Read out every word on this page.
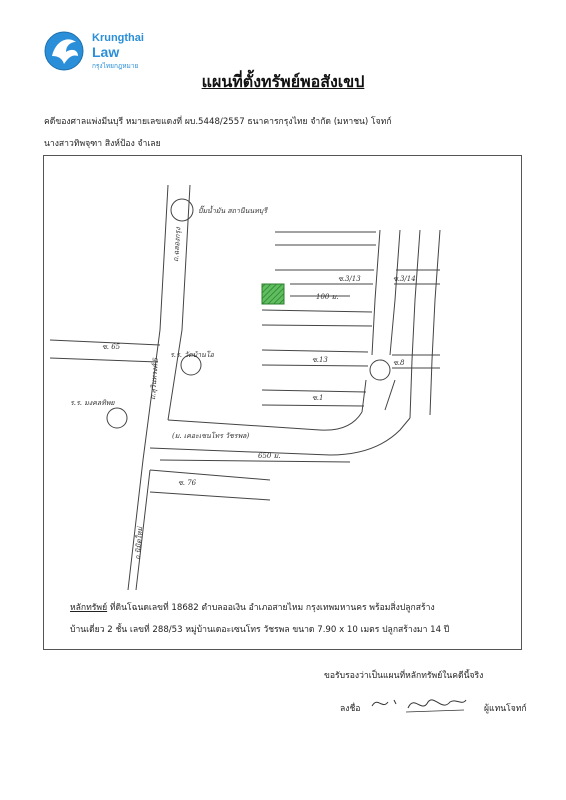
Krungthai
Law
กรุงไทยกฎหมาย
แผนที่ตั้งทรัพย์พอสังเขป
คดีของศาลแพ่งมีนบุรี หมายเลขแดงที่ ผบ.5448/2557 ธนาคารกรุงไทย จำกัด (มหาชน) โจทก์
นางสาวทิพจุฑา สิงห์ป้อง จำเลย
ปั๊มน้ำมัน สถานีนนทบุรี
ถ.ฉลองกรุง
ถ.สุวินทวงศ์ 5
ถ.นิมิตใหม่
ซ. 65
ซ. 76
ร.ร. วัดบ้านโอ
ร.ร. มงคลทิพย
(ม. เคอะเซนโทร วัชรพล)
ซ.3/13	ซ.3/14
ซ.13	ซ.8
ซ.1
100 ม.
650 ม.
หลักทรัพย์ ที่ดินโฉนดเลขที่ 18682 ตำบลออเงิน อำเภอสายไหม กรุงเทพมหานคร พร้อมสิ่งปลูกสร้าง
บ้านเดี่ยว 2 ชั้น เลขที่ 288/53 หมู่บ้านเดอะเซนโทร วัชรพล ขนาด 7.90 x 10 เมตร ปลูกสร้างมา 14 ปี
ขอรับรองว่าเป็นแผนที่หลักทรัพย์ในคดีนี้จริง
ลงชื่อ	ผู้แทนโจทก์
